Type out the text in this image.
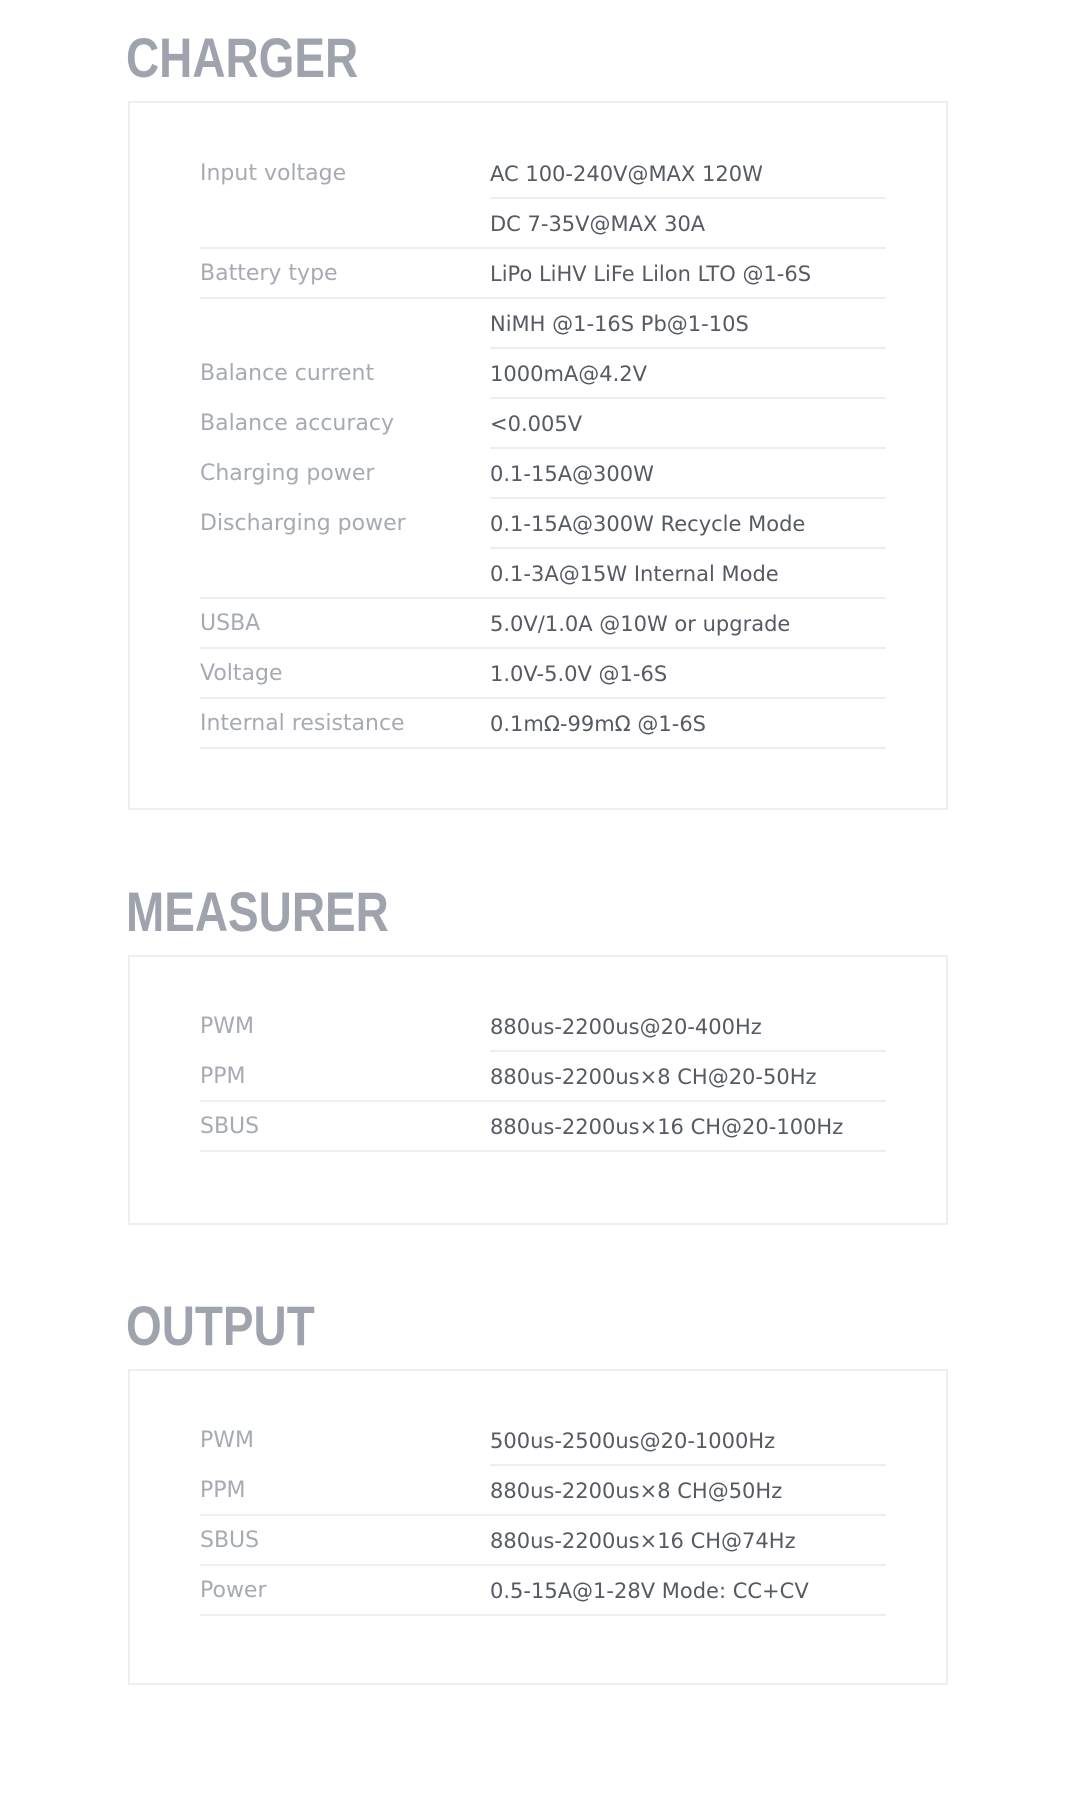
CHARGER
Input voltage	AC 100-240V@MAX 120W
DC 7-35V@MAX 30A
Battery type	LiPo LiHV LiFe Lilon LTO @1-6S
NiMH @1-16S Pb@1-10S
Balance current	1000mA@4.2V
Balance accuracy	<0.005V
Charging power	0.1-15A@300W
Discharging power	0.1-15A@300W Recycle Mode
0.1-3A@15W Internal Mode
USBA	5.0V/1.0A @10W or upgrade
Voltage	1.0V-5.0V @1-6S
Internal resistance	0.1mΩ-99mΩ @1-6S
MEASURER
PWM	880us-2200us@20-400Hz
PPM	880us-2200us×8 CH@20-50Hz
SBUS	880us-2200us×16 CH@20-100Hz
OUTPUT
PWM	500us-2500us@20-1000Hz
PPM	880us-2200us×8 CH@50Hz
SBUS	880us-2200us×16 CH@74Hz
Power	0.5-15A@1-28V Mode: CC+CV
